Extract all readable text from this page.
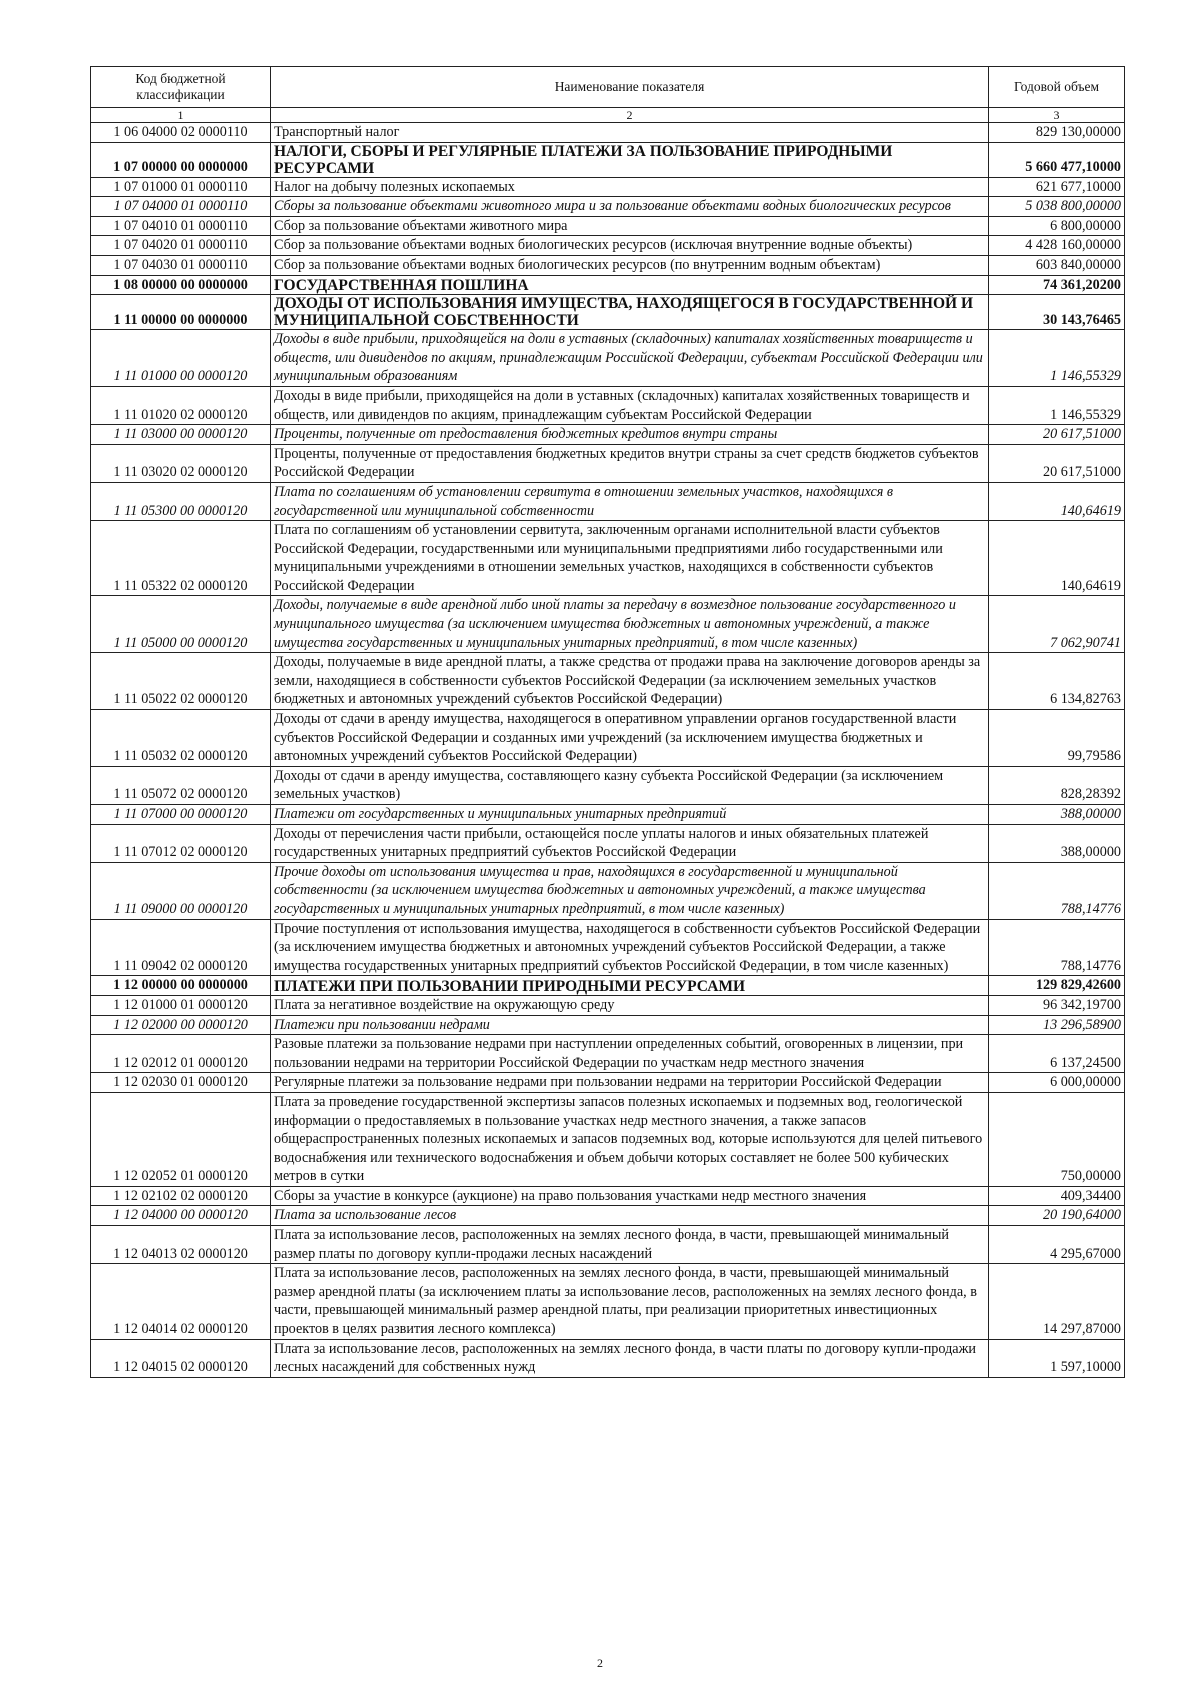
Код бюджетной классификации	Наименование показателя	Годовой объем
1	2	3
1 06 04000 02 0000110	Транспортный налог	829 130,00000
1 07 00000 00 0000000	НАЛОГИ, СБОРЫ И РЕГУЛЯРНЫЕ ПЛАТЕЖИ ЗА ПОЛЬЗОВАНИЕ ПРИРОДНЫМИ РЕСУРСАМИ	5 660 477,10000
1 07 01000 01 0000110	Налог на добычу полезных ископаемых	621 677,10000
1 07 04000 01 0000110	Сборы за пользование объектами животного мира и за пользование объектами водных биологических ресурсов	5 038 800,00000
1 07 04010 01 0000110	Сбор за пользование объектами животного мира	6 800,00000
1 07 04020 01 0000110	Сбор за пользование объектами водных биологических ресурсов (исключая внутренние водные объекты)	4 428 160,00000
1 07 04030 01 0000110	Сбор за пользование объектами водных биологических ресурсов (по внутренним водным объектам)	603 840,00000
1 08 00000 00 0000000	ГОСУДАРСТВЕННАЯ ПОШЛИНА	74 361,20200
1 11 00000 00 0000000	ДОХОДЫ ОТ ИСПОЛЬЗОВАНИЯ ИМУЩЕСТВА, НАХОДЯЩЕГОСЯ В ГОСУДАРСТВЕННОЙ И МУНИЦИПАЛЬНОЙ СОБСТВЕННОСТИ	30 143,76465
1 11 01000 00 0000120	Доходы в виде прибыли, приходящейся на доли в уставных (складочных) капиталах хозяйственных товариществ и обществ, или дивидендов по акциям, принадлежащим Российской Федерации, субъектам Российской Федерации или муниципальным образованиям	1 146,55329
1 11 01020 02 0000120	Доходы в виде прибыли, приходящейся на доли в уставных (складочных) капиталах хозяйственных товариществ и обществ, или дивидендов по акциям, принадлежащим субъектам Российской Федерации	1 146,55329
1 11 03000 00 0000120	Проценты, полученные от предоставления бюджетных кредитов внутри страны	20 617,51000
1 11 03020 02 0000120	Проценты, полученные от предоставления бюджетных кредитов внутри страны за счет средств бюджетов субъектов Российской Федерации	20 617,51000
1 11 05300 00 0000120	Плата по соглашениям об установлении сервитута в отношении земельных участков, находящихся в государственной или муниципальной собственности	140,64619
1 11 05322 02 0000120	Плата по соглашениям об установлении сервитута, заключенным органами исполнительной власти субъектов Российской Федерации, государственными или муниципальными предприятиями либо государственными или муниципальными учреждениями в отношении земельных участков, находящихся в собственности субъектов Российской Федерации	140,64619
1 11 05000 00 0000120	Доходы, получаемые в виде арендной либо иной платы за передачу в возмездное пользование государственного и муниципального имущества (за исключением имущества бюджетных и автономных учреждений, а также имущества государственных и муниципальных унитарных предприятий, в том числе казенных)	7 062,90741
1 11 05022 02 0000120	Доходы, получаемые в виде арендной платы, а также средства от продажи права на заключение договоров аренды за земли, находящиеся в собственности субъектов Российской Федерации (за исключением земельных участков бюджетных и автономных учреждений субъектов Российской Федерации)	6 134,82763
1 11 05032 02 0000120	Доходы от сдачи в аренду имущества, находящегося в оперативном управлении органов государственной власти субъектов Российской Федерации и созданных ими учреждений (за исключением имущества бюджетных и автономных учреждений субъектов Российской Федерации)	99,79586
1 11 05072 02 0000120	Доходы от сдачи в аренду имущества, составляющего казну субъекта Российской Федерации (за исключением земельных участков)	828,28392
1 11 07000 00 0000120	Платежи от государственных и муниципальных унитарных предприятий	388,00000
1 11 07012 02 0000120	Доходы от перечисления части прибыли, остающейся после уплаты налогов и иных обязательных платежей государственных унитарных предприятий субъектов Российской Федерации	388,00000
1 11 09000 00 0000120	Прочие доходы от использования имущества и прав, находящихся в государственной и муниципальной собственности (за исключением имущества бюджетных и автономных учреждений, а также имущества государственных и муниципальных унитарных предприятий, в том числе казенных)	788,14776
1 11 09042 02 0000120	Прочие поступления от использования имущества, находящегося в собственности субъектов Российской Федерации (за исключением имущества бюджетных и автономных учреждений субъектов Российской Федерации, а также имущества государственных унитарных предприятий субъектов Российской Федерации, в том числе казенных)	788,14776
1 12 00000 00 0000000	ПЛАТЕЖИ ПРИ ПОЛЬЗОВАНИИ ПРИРОДНЫМИ РЕСУРСАМИ	129 829,42600
1 12 01000 01 0000120	Плата за негативное воздействие на окружающую среду	96 342,19700
1 12 02000 00 0000120	Платежи при пользовании недрами	13 296,58900
1 12 02012 01 0000120	Разовые платежи за пользование недрами при наступлении определенных событий, оговоренных в лицензии, при пользовании недрами на территории Российской Федерации по участкам недр местного значения	6 137,24500
1 12 02030 01 0000120	Регулярные платежи за пользование недрами при пользовании недрами на территории Российской Федерации	6 000,00000
1 12 02052 01 0000120	Плата за проведение государственной экспертизы запасов полезных ископаемых и подземных вод, геологической информации о предоставляемых в пользование участках недр местного значения, а также запасов общераспространенных полезных ископаемых и запасов подземных вод, которые используются для целей питьевого водоснабжения или технического водоснабжения и объем добычи которых составляет не более 500 кубических метров в сутки	750,00000
1 12 02102 02 0000120	Сборы за участие в конкурсе (аукционе) на право пользования участками недр местного значения	409,34400
1 12 04000 00 0000120	Плата за использование лесов	20 190,64000
1 12 04013 02 0000120	Плата за использование лесов, расположенных на землях лесного фонда, в части, превышающей минимальный размер платы по договору купли-продажи лесных насаждений	4 295,67000
1 12 04014 02 0000120	Плата за использование лесов, расположенных на землях лесного фонда, в части, превышающей минимальный размер арендной платы (за исключением платы за использование лесов, расположенных на землях лесного фонда, в части, превышающей минимальный размер арендной платы, при реализации приоритетных инвестиционных проектов в целях развития лесного комплекса)	14 297,87000
1 12 04015 02 0000120	Плата за использование лесов, расположенных на землях лесного фонда, в части платы по договору купли-продажи лесных насаждений для собственных нужд	1 597,10000
2
